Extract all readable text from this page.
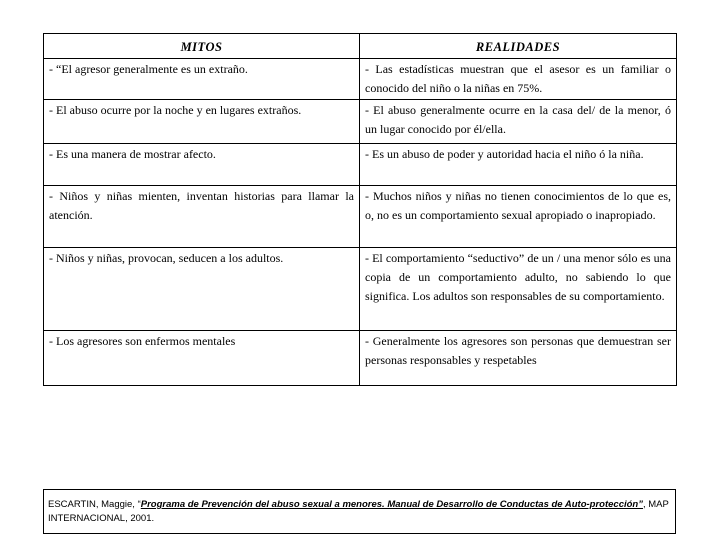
MITOS	REALIDADES
- “El agresor generalmente es un extraño.	- Las estadísticas muestran que el asesor es un familiar o conocido del niño o la niñas en 75%.
- El abuso ocurre por la noche y en lugares extraños.	- El abuso generalmente ocurre en la casa del/ de la menor, ó un lugar conocido por él/ella.
- Es una manera de mostrar afecto.	- Es un abuso de poder y autoridad hacia el niño ó la niña.
- Niños y niñas mienten, inventan historias para llamar la atención.	- Muchos niños y niñas no tienen conocimientos de lo que es, o, no es un comportamiento sexual apropiado o inapropiado.
- Niños y niñas, provocan, seducen a los adultos.	- El comportamiento “seductivo” de un / una menor sólo es una copia de un comportamiento adulto, no sabiendo lo que significa. Los adultos son responsables de su comportamiento.
- Los agresores son enfermos mentales	- Generalmente los agresores son personas que demuestran ser personas responsables y respetables
ESCARTIN, Maggie, “Programa de Prevención del abuso sexual a menores. Manual de Desarrollo de Conductas de Auto-protección”, MAP INTERNACIONAL, 2001.
